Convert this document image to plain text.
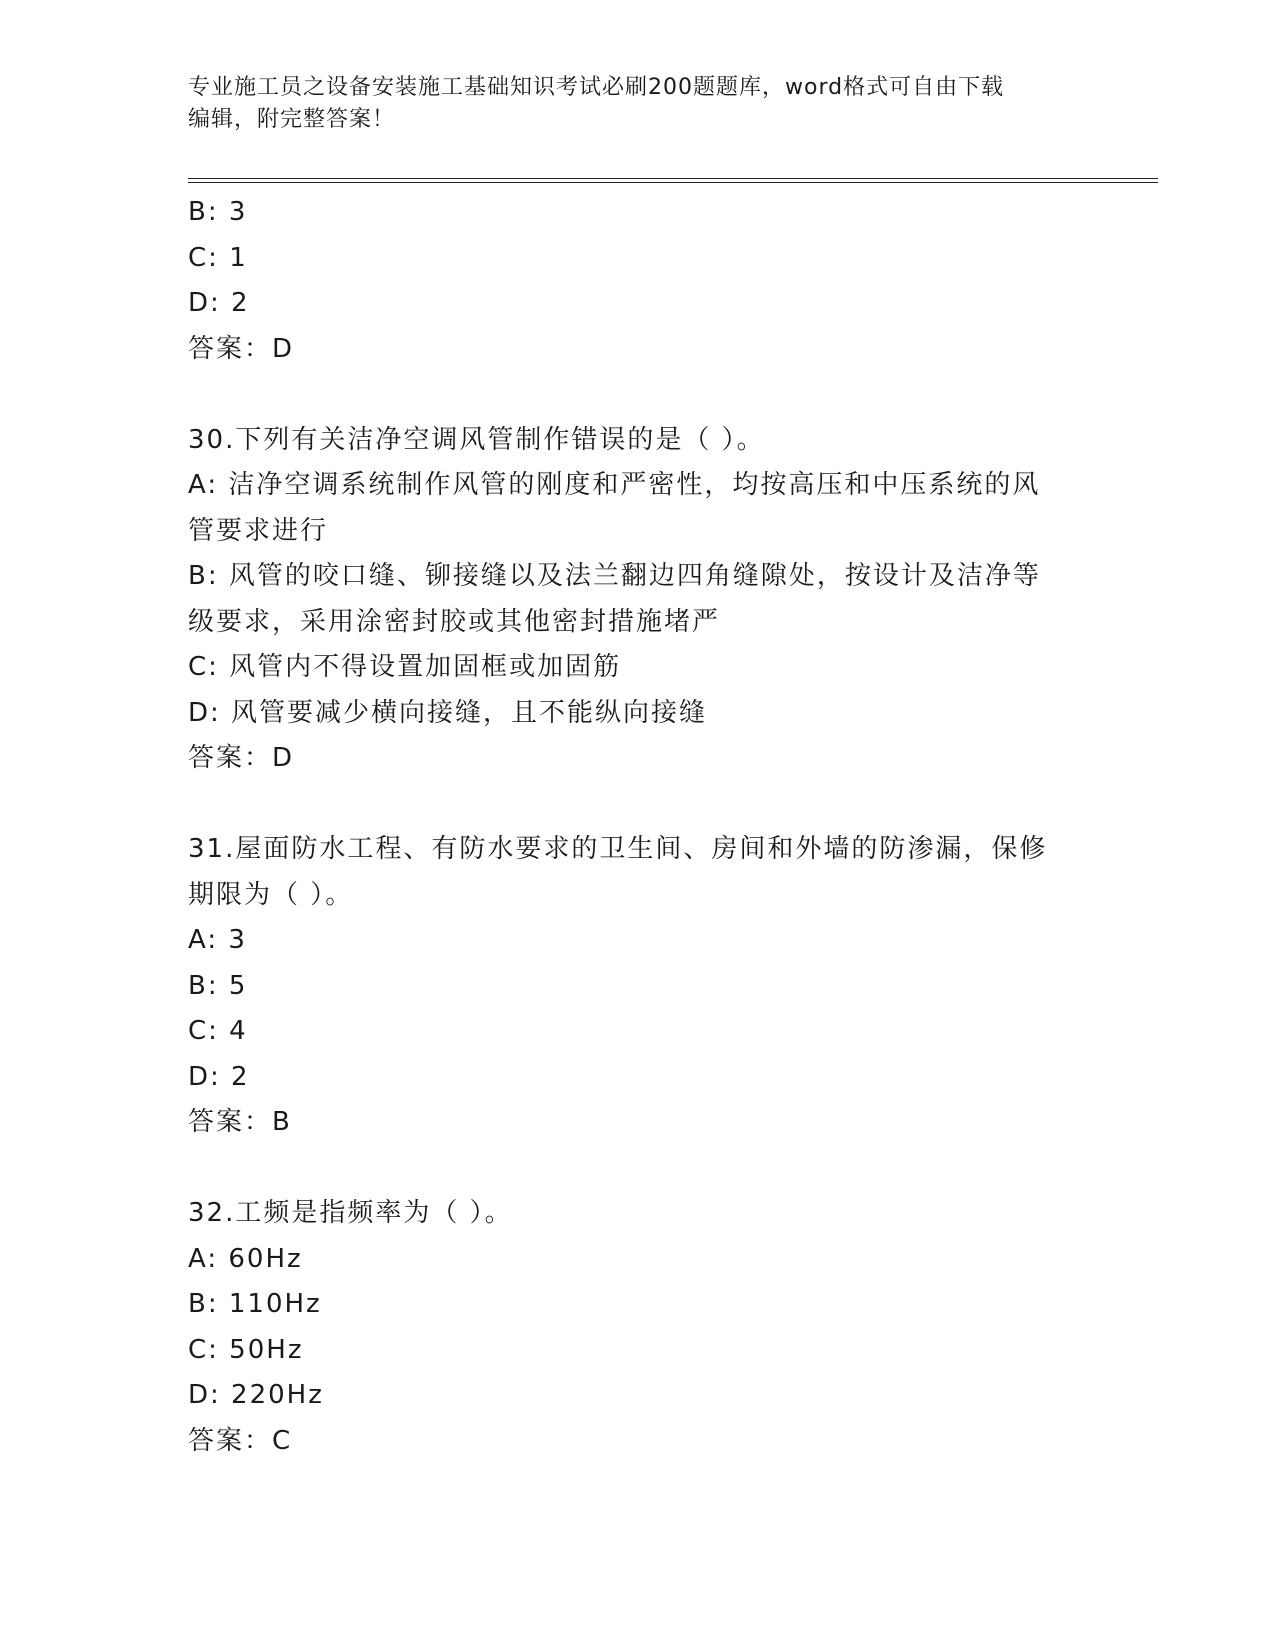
专业施工员之设备安装施工基础知识考试必刷200题题库，word格式可自由下载
编辑，附完整答案！
B: 3
C: 1
D: 2
答案：D
30.下列有关洁净空调风管制作错误的是（ ）。
A: 洁净空调系统制作风管的刚度和严密性，均按高压和中压系统的风
管要求进行
B: 风管的咬口缝、铆接缝以及法兰翻边四角缝隙处，按设计及洁净等
级要求，采用涂密封胶或其他密封措施堵严
C: 风管内不得设置加固框或加固筋
D: 风管要减少横向接缝，且不能纵向接缝
答案：D
31.屋面防水工程、有防水要求的卫生间、房间和外墙的防渗漏，保修
期限为（ ）。
A: 3
B: 5
C: 4
D: 2
答案：B
32.工频是指频率为（ ）。
A: 60Hz
B: 110Hz
C: 50Hz
D: 220Hz
答案：C
